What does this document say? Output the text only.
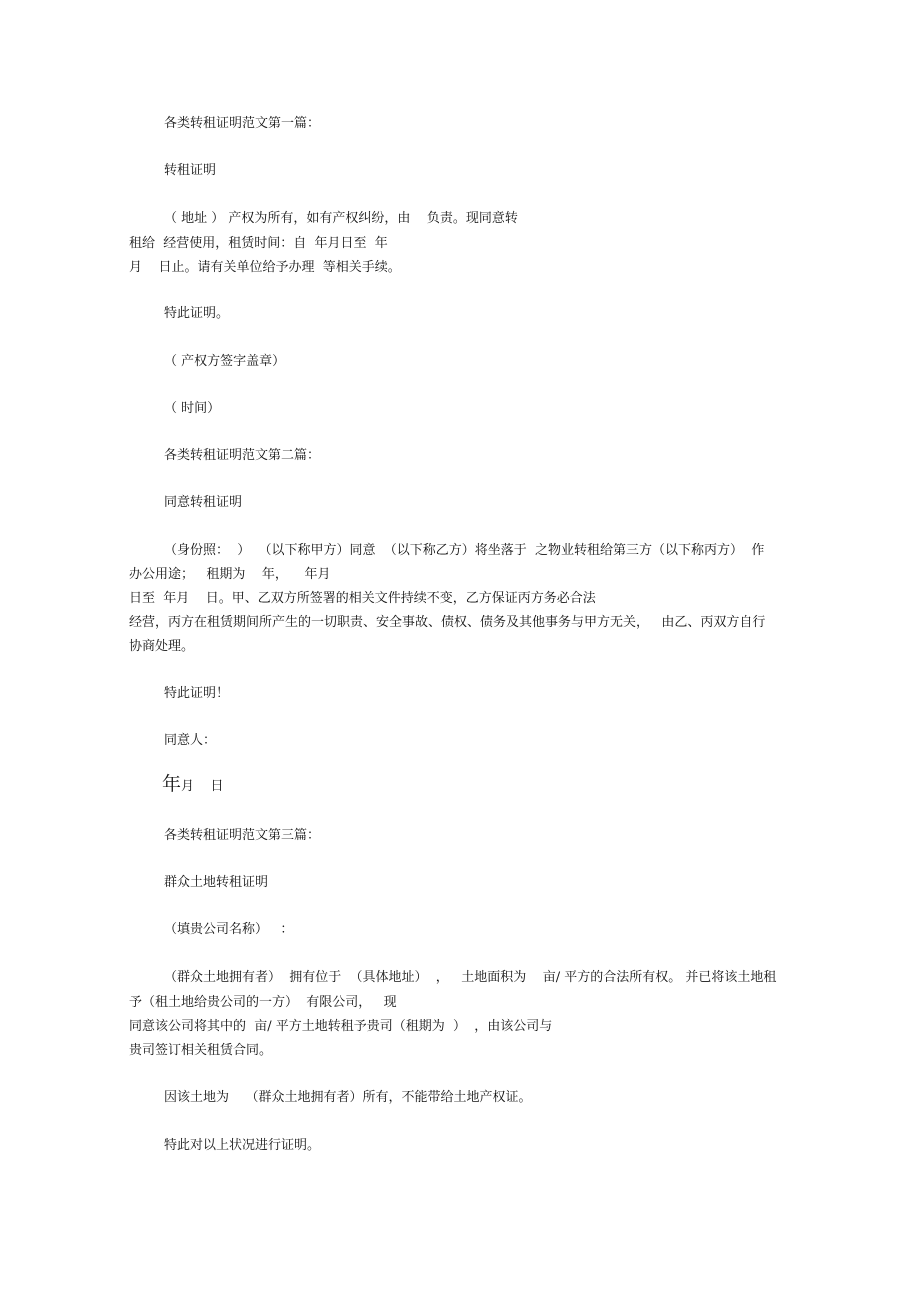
各类转租证明范文第一篇：
转租证明
（ 地址 ） 产权为所有，如有产权纠纷，由    负责。现同意转
租给  经营使用，租赁时间：自  年月日至  年
月    日止。请有关单位给予办理  等相关手续。
特此证明。
（ 产权方签字盖章）
（ 时间）
各类转租证明范文第二篇：
同意转租证明
（身份照：  ）  （以下称甲方）同意  （以下称乙方）将坐落于  之物业转租给第三方（以下称丙方）  作
办公用途；   租期为    年，    年月
日至  年月    日。甲、乙双方所签署的相关文件持续不变，乙方保证丙方务必合法
经营，丙方在租赁期间所产生的一切职责、安全事故、债权、债务及其他事务与甲方无关，   由乙、丙双方自行
协商处理。
特此证明！
同意人：
年月    日
各类转租证明范文第三篇：
群众土地转租证明
（填贵公司名称）   ：
（群众土地拥有者）  拥有位于  （具体地址）  ，   土地面积为    亩/ 平方的合法所有权。 并已将该土地租
予（租土地给贵公司的一方）  有限公司，   现
同意该公司将其中的  亩/ 平方土地转租予贵司（租期为  ）  ，由该公司与
贵司签订相关租赁合同。
因该土地为    （群众土地拥有者）所有，不能带给土地产权证。
特此对以上状况进行证明。
